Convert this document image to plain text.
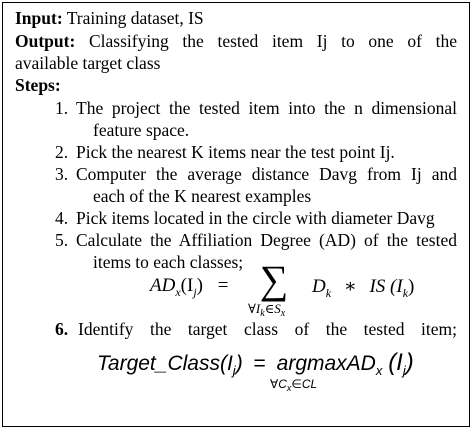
Input: Training dataset, IS
Output: Classifying the tested item Ij to one of the
available target class
Steps:
1. The project the tested item into the n dimensional
feature space.
2. Pick the nearest K items near the test point Ij.
3. Computer the average distance Davg from Ij and
each of the K nearest examples
4. Pick items located in the circle with diameter Davg
5. Calculate the Affiliation Degree (AD) of the tested
items to each classes;
$AD_x(I_j)$ = ∑
$\forall I_k\in S_x$
$D_k$ ∗ IS $(I_k)$
6. Identify the target class of the tested item;
$Target\_Class(I_j)$ = argmaxAD$_x$ $(I_j)$
$\forall C_x\in CL$
